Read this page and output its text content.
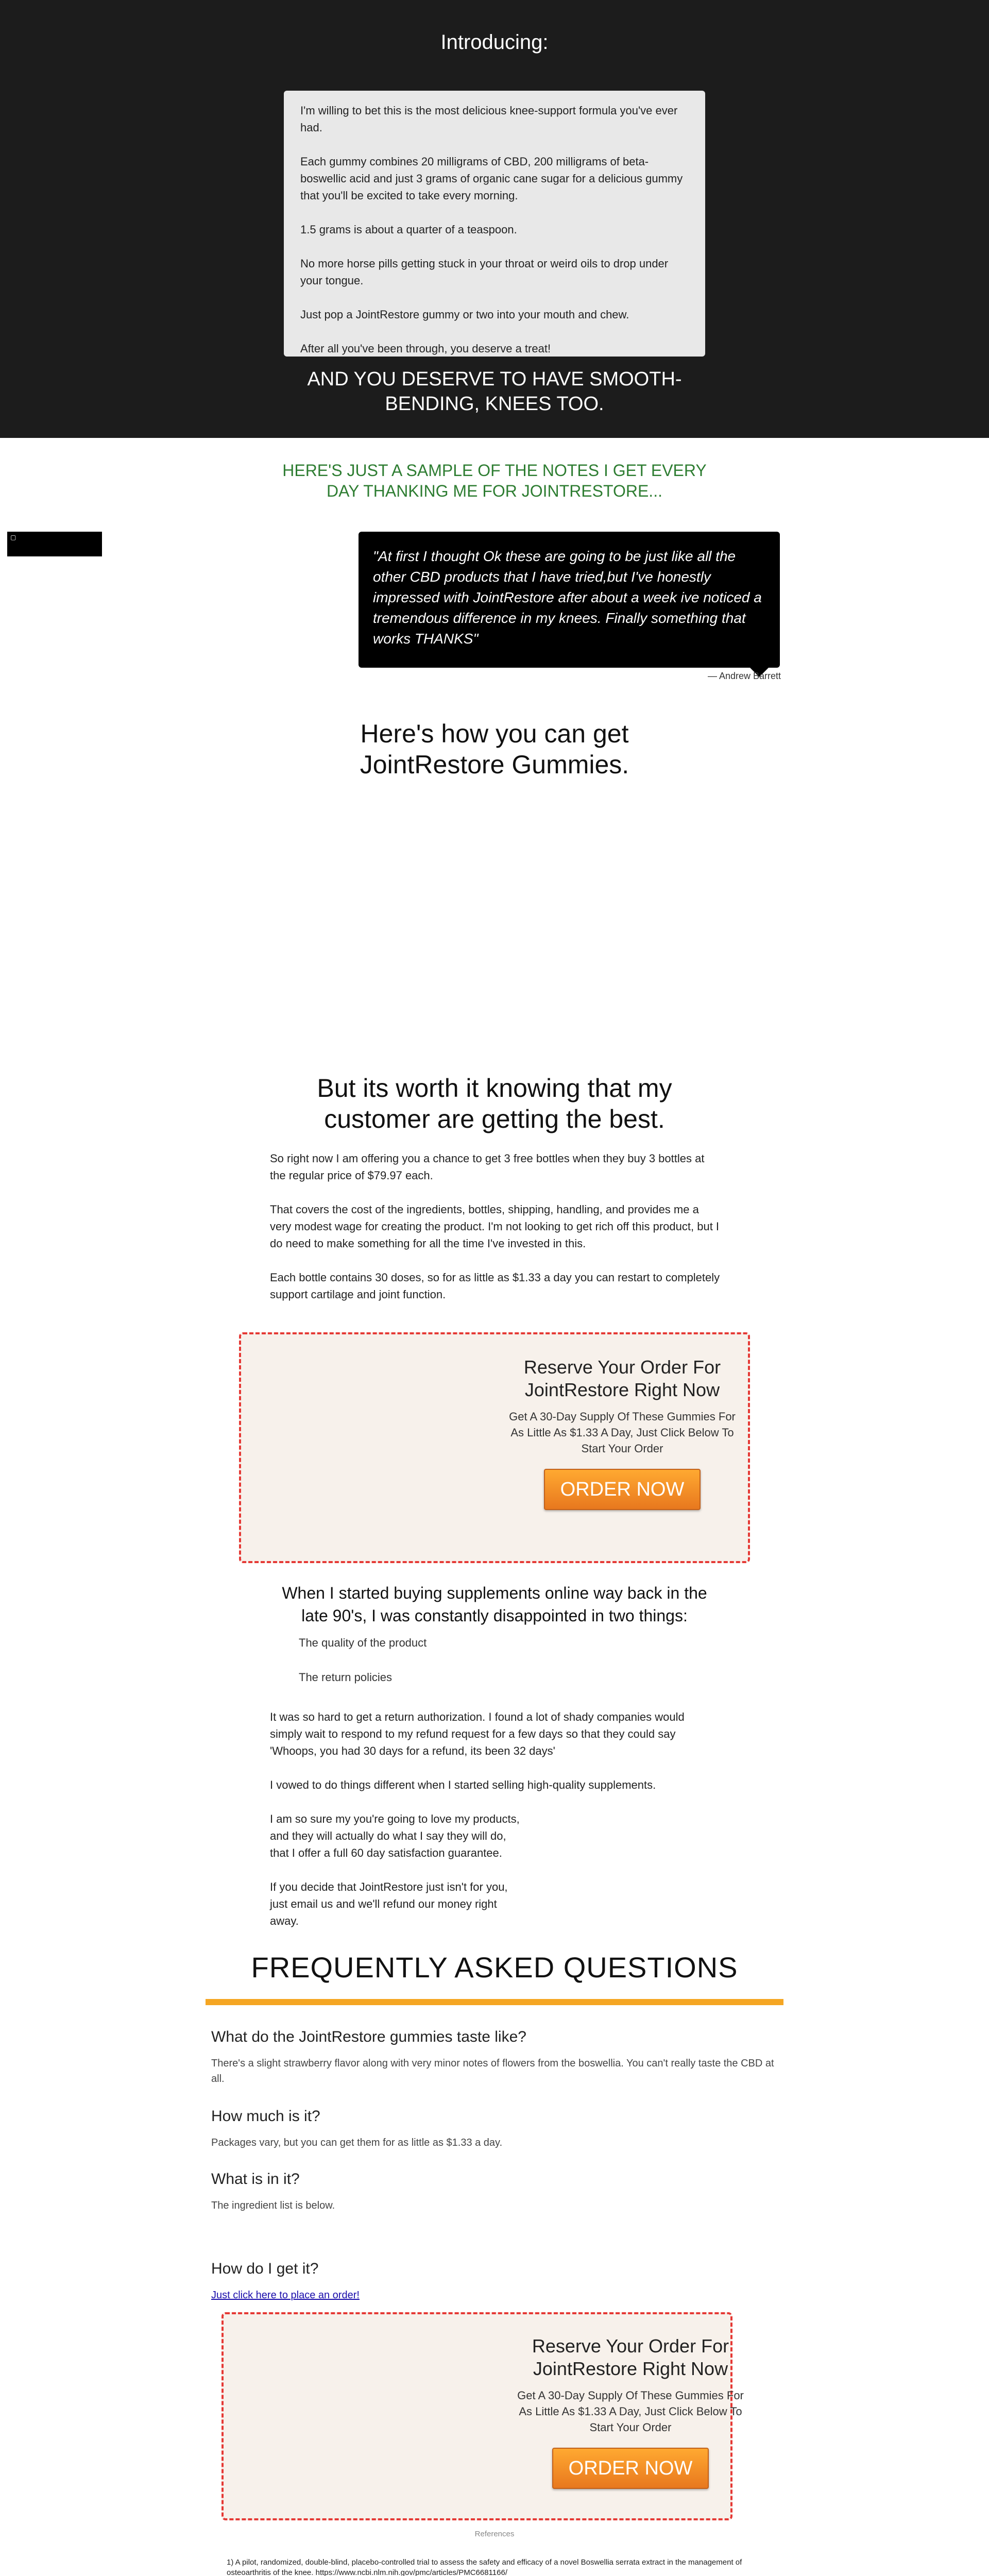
Introducing:

I'm willing to bet this is the most delicious knee-support formula you've ever had.

Each gummy combines 20 milligrams of CBD, 200 milligrams of beta-boswellic acid and just 3 grams of organic cane sugar for a delicious gummy that you'll be excited to take every morning.

1.5 grams is about a quarter of a teaspoon.

No more horse pills getting stuck in your throat or weird oils to drop under your tongue.

Just pop a JointRestore gummy or two into your mouth and chew.

After all you've been through, you deserve a treat!

AND YOU DESERVE TO HAVE SMOOTH-BENDING, KNEES TOO.
HERE'S JUST A SAMPLE OF THE NOTES I GET EVERY DAY THANKING ME FOR JOINTRESTORE...
▢

"At first I thought Ok these are going to be just like all the other CBD products that I have tried,but I've honestly impressed with JointRestore after about a week ive noticed a tremendous difference in my knees. Finally something that works THANKS"

— Andrew Barrett
Here's how you can get JointRestore Gummies.
But its worth it knowing that my customer are getting the best.

So right now I am offering you a chance to get 3 free bottles when they buy 3 bottles at the regular price of $79.97 each.

That covers the cost of the ingredients, bottles, shipping, handling, and provides me a very modest wage for creating the product. I'm not looking to get rich off this product, but I do need to make something for all the time I've invested in this.

Each bottle contains 30 doses, so for as little as $1.33 a day you can restart to completely support cartilage and joint function.

Reserve Your Order For JointRestore Right Now
Get A 30-Day Supply Of These Gummies For As Little As $1.33 A Day, Just Click Below To Start Your Order
ORDER NOW
When I started buying supplements online way back in the late 90's, I was constantly disappointed in two things:

The quality of the product

The return policies

It was so hard to get a return authorization. I found a lot of shady companies would simply wait to respond to my refund request for a few days so that they could say 'Whoops, you had 30 days for a refund, its been 32 days'

I vowed to do things different when I started selling high-quality supplements.

I am so sure my you're going to love my products, and they will actually do what I say they will do, that I offer a full 60 day satisfaction guarantee.

If you decide that JointRestore just isn't for you, just email us and we'll refund our money right away.

FREQUENTLY ASKED QUESTIONS
What do the JointRestore gummies taste like?
There's a slight strawberry flavor along with very minor notes of flowers from the boswellia. You can't really taste the CBD at all.
How much is it?
Packages vary, but you can get them for as little as $1.33 a day.
What is in it?
The ingredient list is below.
How do I get it?
Just click here to place an order!
Reserve Your Order For JointRestore Right Now
Get A 30-Day Supply Of These Gummies For As Little As $1.33 A Day, Just Click Below To Start Your Order
ORDER NOW
References
1) A pilot, randomized, double-blind, placebo-controlled trial to assess the safety and efficacy of a novel Boswellia serrata extract in the management of osteoarthritis of the knee. https://www.ncbi.nlm.nih.gov/pmc/articles/PMC6681166/
